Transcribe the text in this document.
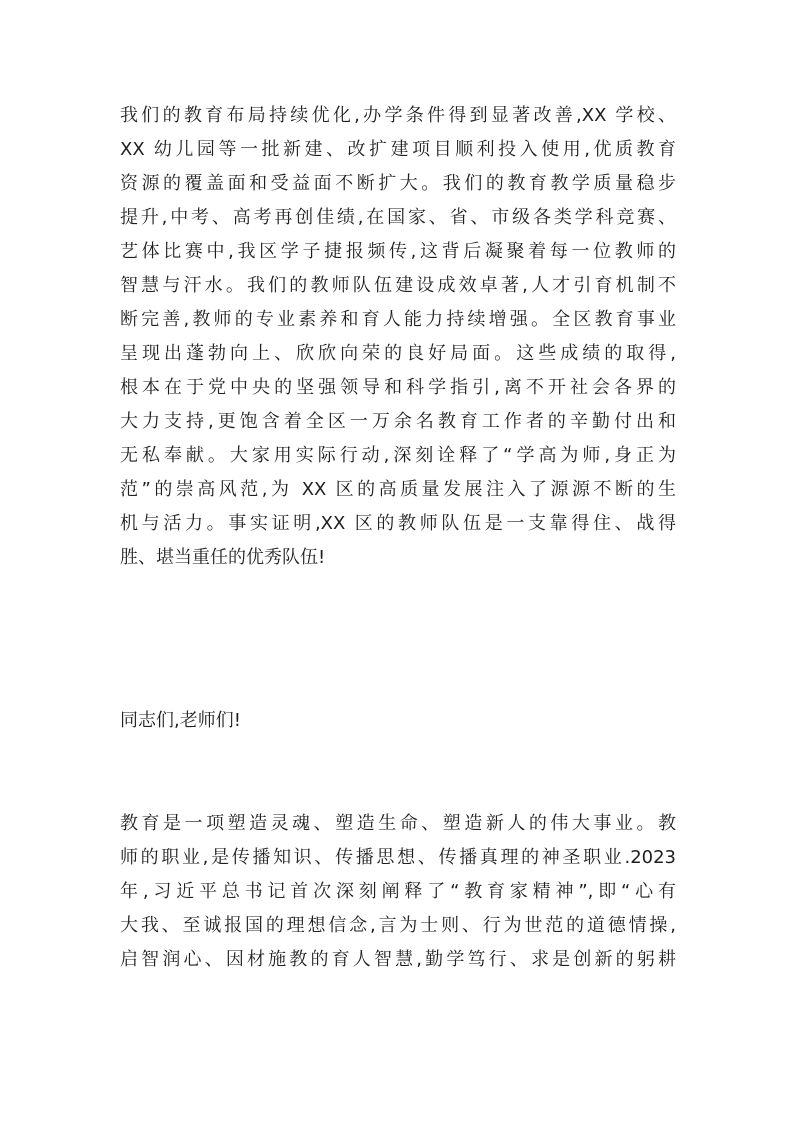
我们的教育布局持续优化,办学条件得到显著改善,XX 学校、
XX 幼儿园等一批新建、改扩建项目顺利投入使用,优质教育
资源的覆盖面和受益面不断扩大。我们的教育教学质量稳步
提升,中考、高考再创佳绩,在国家、省、市级各类学科竞赛、
艺体比赛中,我区学子捷报频传,这背后凝聚着每一位教师的
智慧与汗水。我们的教师队伍建设成效卓著,人才引育机制不
断完善,教师的专业素养和育人能力持续增强。全区教育事业
呈现出蓬勃向上、欣欣向荣的良好局面。这些成绩的取得,
根本在于党中央的坚强领导和科学指引,离不开社会各界的
大力支持,更饱含着全区一万余名教育工作者的辛勤付出和
无私奉献。大家用实际行动,深刻诠释了“学高为师,身正为
范”的崇高风范,为 XX 区的高质量发展注入了源源不断的生
机与活力。事实证明,XX 区的教师队伍是一支靠得住、战得
胜、堪当重任的优秀队伍!
同志们,老师们!
教育是一项塑造灵魂、塑造生命、塑造新人的伟大事业。教
师的职业,是传播知识、传播思想、传播真理的神圣职业.2023
年,习近平总书记首次深刻阐释了“教育家精神”,即“心有
大我、至诚报国的理想信念,言为士则、行为世范的道德情操,
启智润心、因材施教的育人智慧,勤学笃行、求是创新的躬耕
